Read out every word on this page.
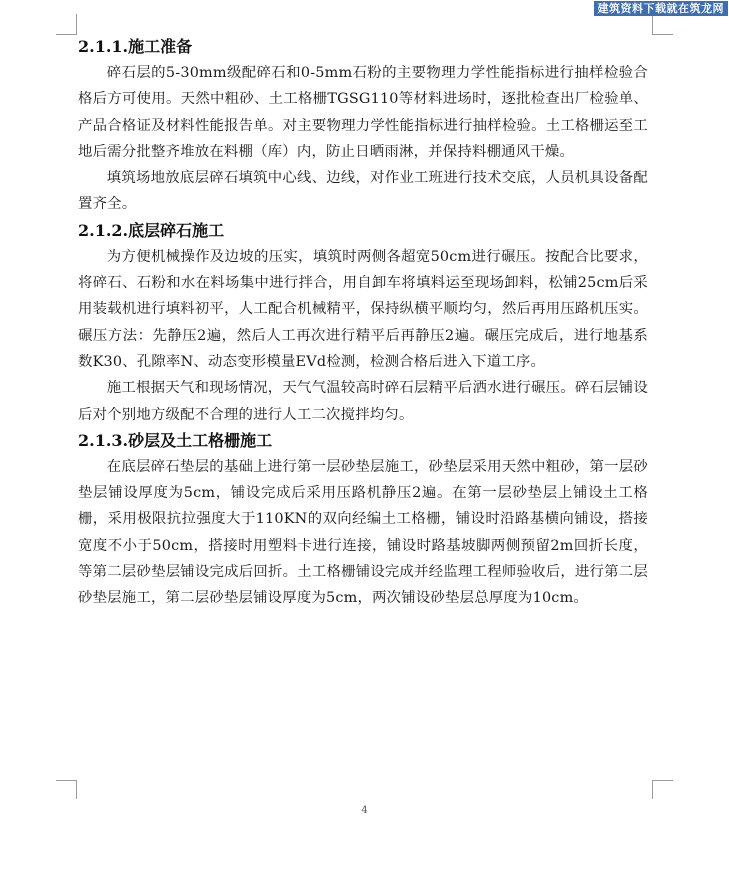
建筑资料下载就在筑龙网
2.1.1.施工准备

碎石层的5-30mm级配碎石和0-5mm石粉的主要物理力学性能指标进行抽样检验合格后方可使用。天然中粗砂、土工格栅TGSG110等材料进场时，逐批检查出厂检验单、产品合格证及材料性能报告单。对主要物理力学性能指标进行抽样检验。土工格栅运至工地后需分批整齐堆放在料棚（库）内，防止日晒雨淋，并保持料棚通风干燥。

填筑场地放底层碎石填筑中心线、边线，对作业工班进行技术交底，人员机具设备配置齐全。

2.1.2.底层碎石施工

为方便机械操作及边坡的压实，填筑时两侧各超宽50cm进行碾压。按配合比要求，将碎石、石粉和水在料场集中进行拌合，用自卸车将填料运至现场卸料，松铺25cm后采用装载机进行填料初平，人工配合机械精平，保持纵横平顺均匀，然后再用压路机压实。碾压方法：先静压2遍，然后人工再次进行精平后再静压2遍。碾压完成后，进行地基系数K30、孔隙率N、动态变形模量EVd检测，检测合格后进入下道工序。

施工根据天气和现场情况，天气气温较高时碎石层精平后洒水进行碾压。碎石层铺设后对个别地方级配不合理的进行人工二次搅拌均匀。

2.1.3.砂层及土工格栅施工

在底层碎石垫层的基础上进行第一层砂垫层施工，砂垫层采用天然中粗砂，第一层砂垫层铺设厚度为5cm，铺设完成后采用压路机静压2遍。在第一层砂垫层上铺设土工格栅，采用极限抗拉强度大于110KN的双向经编土工格栅，铺设时沿路基横向铺设，搭接宽度不小于50cm，搭接时用塑料卡进行连接，铺设时路基坡脚两侧预留2m回折长度，等第二层砂垫层铺设完成后回折。土工格栅铺设完成并经监理工程师验收后，进行第二层砂垫层施工，第二层砂垫层铺设厚度为5cm，两次铺设砂垫层总厚度为10cm。

4
